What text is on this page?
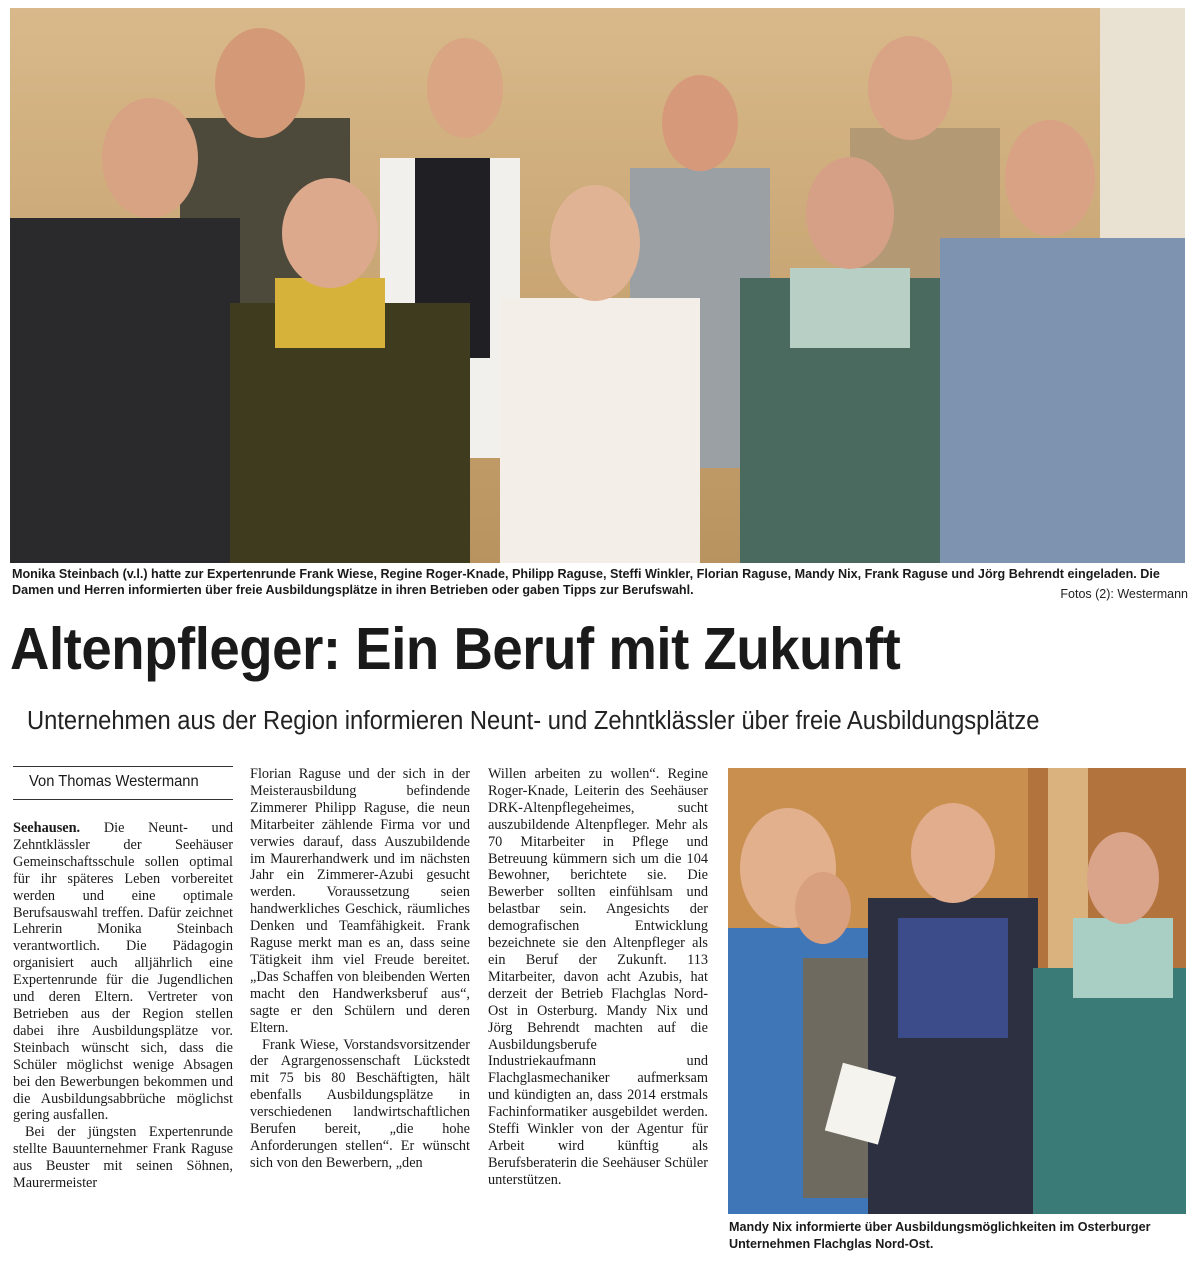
Monika Steinbach (v.l.) hatte zur Expertenrunde Frank Wiese, Regine Roger-Knade, Philipp Raguse, Steffi Winkler, Florian Raguse, Mandy Nix, Frank Raguse und Jörg Behrendt eingeladen. Die Damen und Herren informierten über freie Ausbildungsplätze in ihren Betrieben oder gaben Tipps zur Berufswahl.	Fotos (2): Westermann
Altenpfleger: Ein Beruf mit Zukunft
Unternehmen aus der Region informieren Neunt- und Zehntklässler über freie Ausbildungsplätze
Von Thomas Westermann

Seehausen. Die Neunt- und Zehntklässler der Seehäuser Gemeinschaftsschule sollen optimal für ihr späteres Leben vorbereitet werden und eine optimale Berufsauswahl treffen. Dafür zeichnet Lehrerin Monika Steinbach verantwortlich. Die Pädagogin organisiert auch alljährlich eine Expertenrunde für die Jugendlichen und deren Eltern. Vertreter von Betrieben aus der Region stellen dabei ihre Ausbildungsplätze vor. Steinbach wünscht sich, dass die Schüler möglichst wenige Absagen bei den Bewerbungen bekommen und die Ausbildungsabbrüche möglichst gering ausfallen.

Bei der jüngsten Expertenrunde stellte Bauunternehmer Frank Raguse aus Beuster mit seinen Söhnen, Maurermeister

Florian Raguse und der sich in der Meisterausbildung befindende Zimmerer Philipp Raguse, die neun Mitarbeiter zählende Firma vor und verwies darauf, dass Auszubildende im Maurerhandwerk und im nächsten Jahr ein Zimmerer-Azubi gesucht werden. Voraussetzung seien handwerkliches Geschick, räumliches Denken und Teamfähigkeit. Frank Raguse merkt man es an, dass seine Tätigkeit ihm viel Freude bereitet. „Das Schaffen von bleibenden Werten macht den Handwerksberuf aus“, sagte er den Schülern und deren Eltern.

Frank Wiese, Vorstandsvorsitzender der Agrargenossenschaft Lückstedt mit 75 bis 80 Beschäftigten, hält ebenfalls Ausbildungsplätze in verschiedenen landwirtschaftlichen Berufen bereit, „die hohe Anforderungen stellen“. Er wünscht sich von den Bewerbern, „den

Willen arbeiten zu wollen“. Regine Roger-Knade, Leiterin des Seehäuser DRK-Altenpflegeheimes, sucht auszubildende Altenpfleger. Mehr als 70 Mitarbeiter in Pflege und Betreuung kümmern sich um die 104 Bewohner, berichtete sie. Die Bewerber sollten einfühlsam und belastbar sein. Angesichts der demografischen Entwicklung bezeichnete sie den Altenpfleger als ein Beruf der Zukunft. 113 Mitarbeiter, davon acht Azubis, hat derzeit der Betrieb Flachglas Nord-Ost in Osterburg. Mandy Nix und Jörg Behrendt machten auf die Ausbildungsberufe Industriekaufmann und Flachglasmechaniker aufmerksam und kündigten an, dass 2014 erstmals Fachinformatiker ausgebildet werden. Steffi Winkler von der Agentur für Arbeit wird künftig als Berufsberaterin die Seehäuser Schüler unterstützen.

Mandy Nix informierte über Ausbildungsmöglichkeiten im Osterburger Unternehmen Flachglas Nord-Ost.
